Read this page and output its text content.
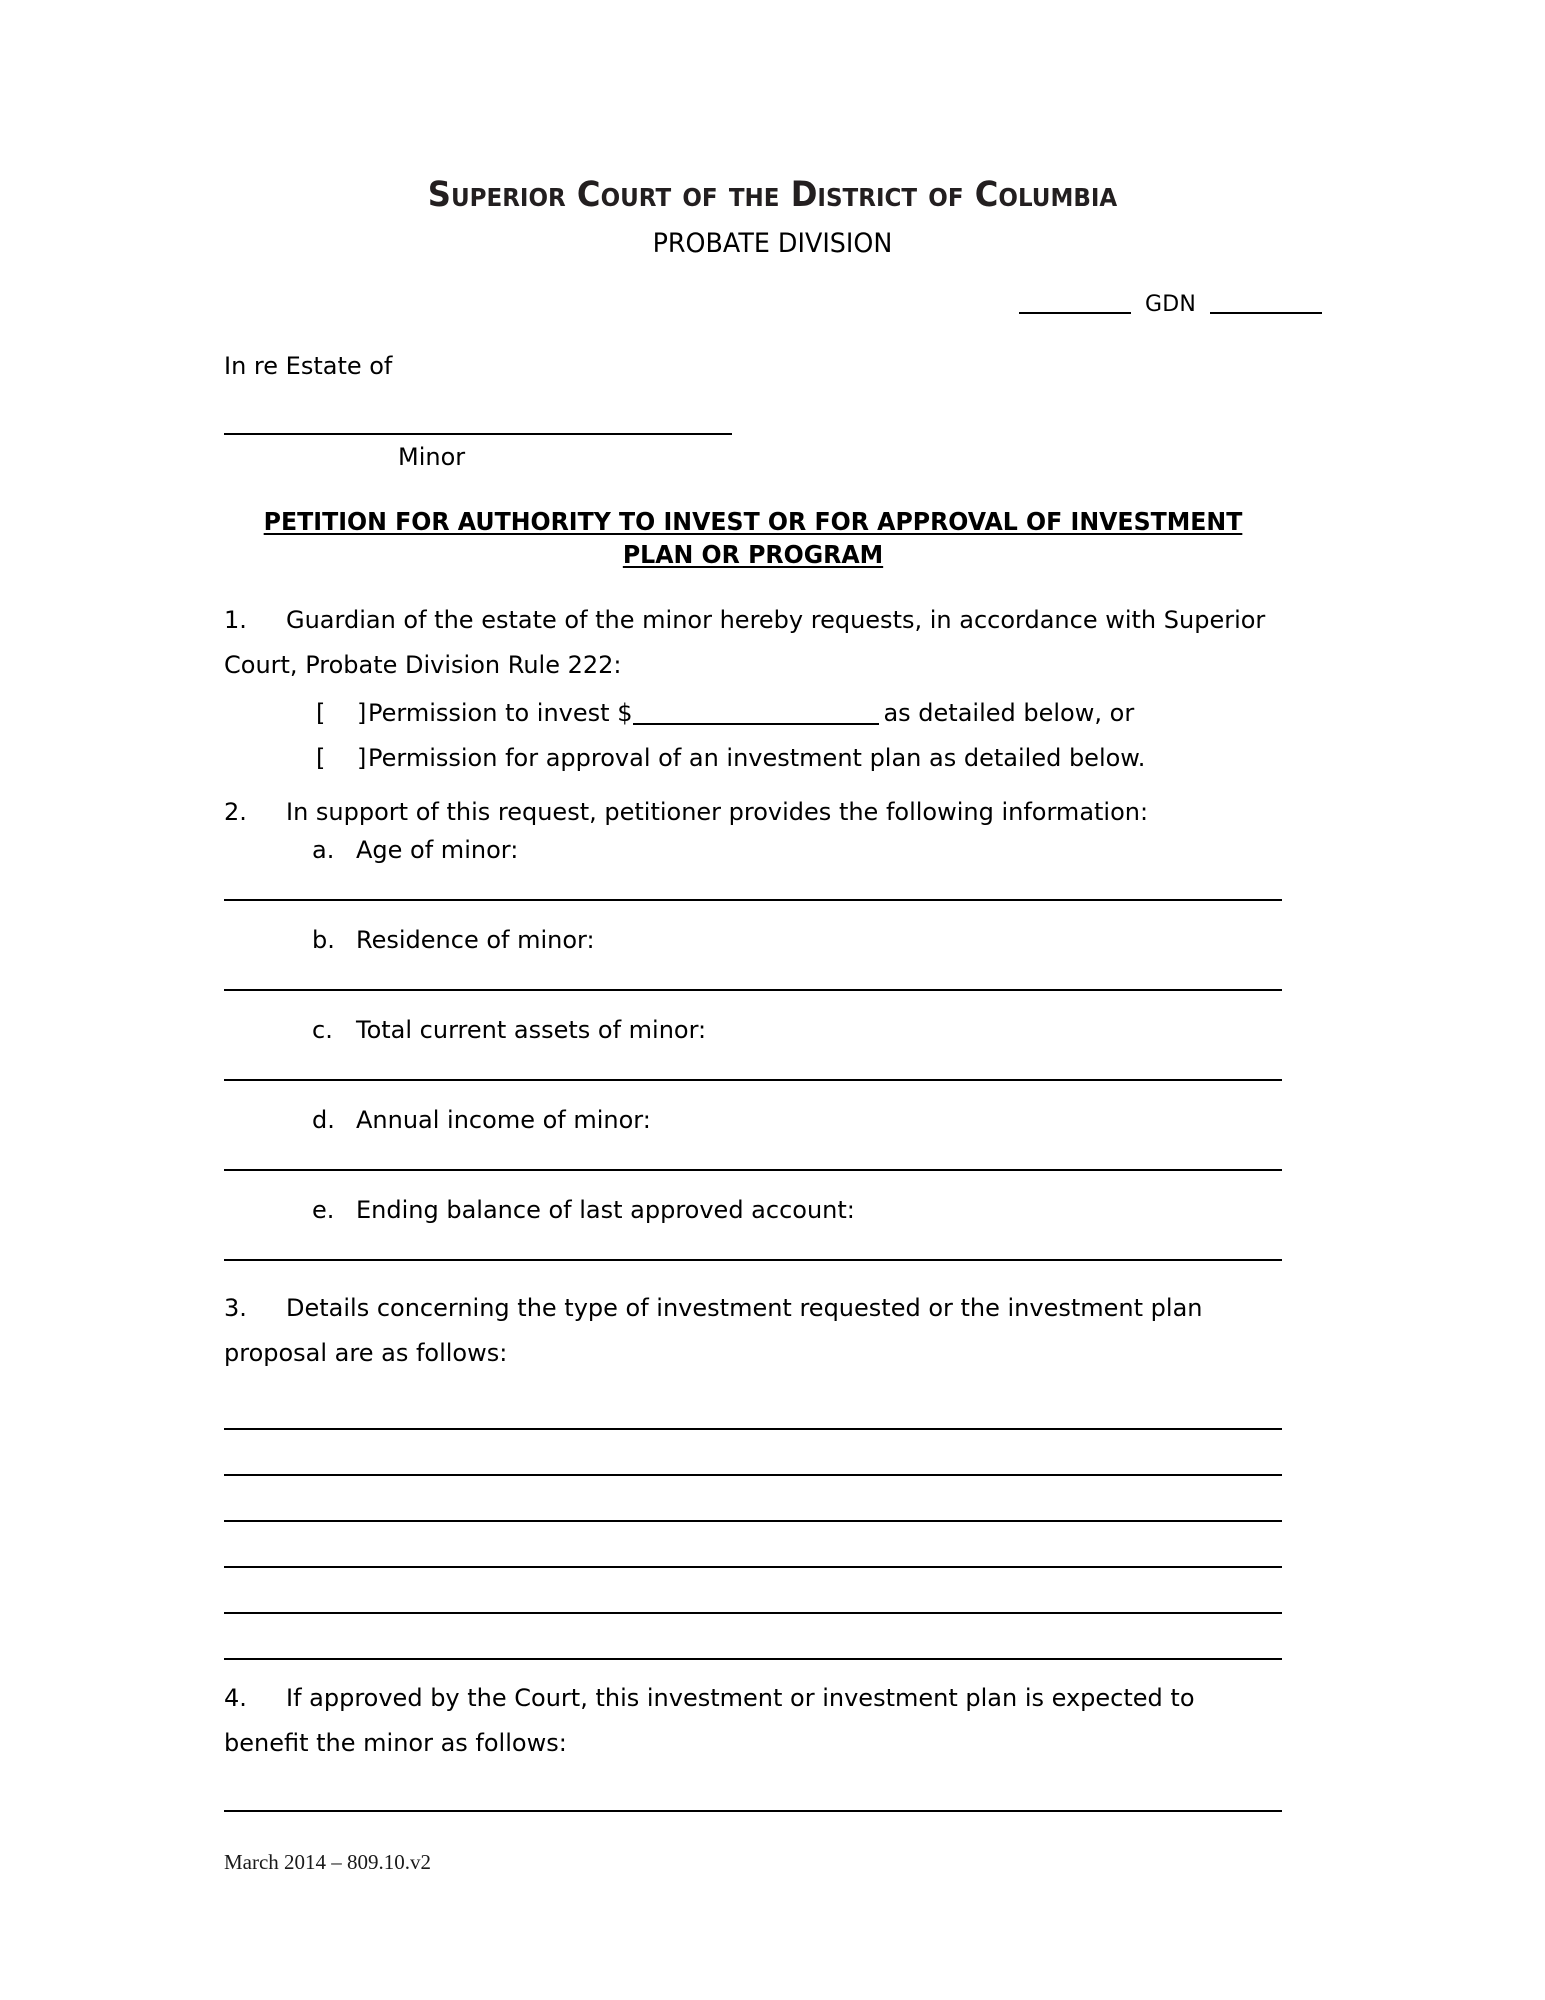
Superior Court of the District of Columbia
PROBATE DIVISION
GDN
In re Estate of
Minor
PETITION FOR AUTHORITY TO INVEST OR FOR APPROVAL OF INVESTMENT
PLAN OR PROGRAM
1. Guardian of the estate of the minor hereby requests, in accordance with Superior Court, Probate Division Rule 222:
[ ]Permission to invest $	as detailed below, or
[ ]Permission for approval of an investment plan as detailed below.
2. In support of this request, petitioner provides the following information:
a. Age of minor:
b. Residence of minor:
c. Total current assets of minor:
d. Annual income of minor:
e. Ending balance of last approved account:
3. Details concerning the type of investment requested or the investment plan proposal are as follows:
4. If approved by the Court, this investment or investment plan is expected to benefit the minor as follows:
March 2014 – 809.10.v2
